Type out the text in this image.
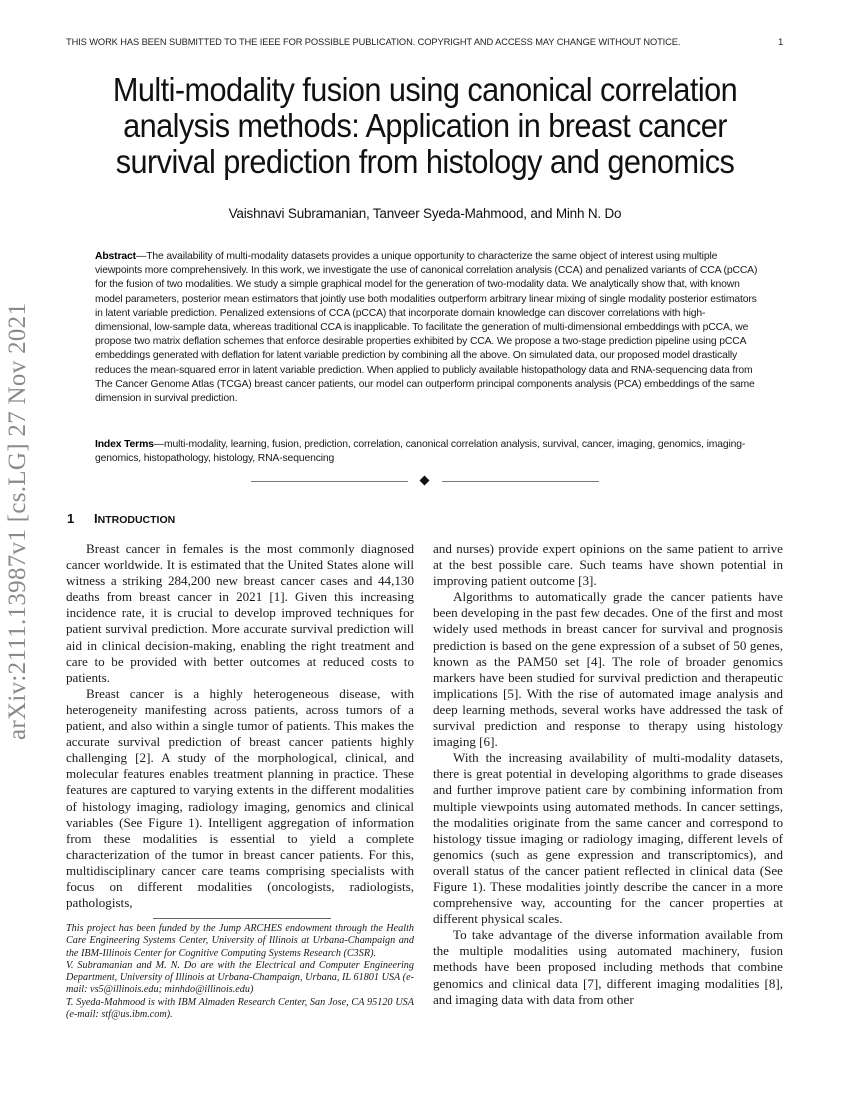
THIS WORK HAS BEEN SUBMITTED TO THE IEEE FOR POSSIBLE PUBLICATION. COPYRIGHT AND ACCESS MAY CHANGE WITHOUT NOTICE.	1
arXiv:2111.13987v1 [cs.LG] 27 Nov 2021
Multi-modality fusion using canonical correlation
analysis methods: Application in breast cancer
survival prediction from histology and genomics
Vaishnavi Subramanian, Tanveer Syeda-Mahmood, and Minh N. Do
Abstract—The availability of multi-modality datasets provides a unique opportunity to characterize the same object of interest using multiple viewpoints more comprehensively. In this work, we investigate the use of canonical correlation analysis (CCA) and penalized variants of CCA (pCCA) for the fusion of two modalities. We study a simple graphical model for the generation of two-modality data. We analytically show that, with known model parameters, posterior mean estimators that jointly use both modalities outperform arbitrary linear mixing of single modality posterior estimators in latent variable prediction. Penalized extensions of CCA (pCCA) that incorporate domain knowledge can discover correlations with high-dimensional, low-sample data, whereas traditional CCA is inapplicable. To facilitate the generation of multi-dimensional embeddings with pCCA, we propose two matrix deflation schemes that enforce desirable properties exhibited by CCA. We propose a two-stage prediction pipeline using pCCA embeddings generated with deflation for latent variable prediction by combining all the above. On simulated data, our proposed model drastically reduces the mean-squared error in latent variable prediction. When applied to publicly available histopathology data and RNA-sequencing data from The Cancer Genome Atlas (TCGA) breast cancer patients, our model can outperform principal components analysis (PCA) embeddings of the same dimension in survival prediction.
Index Terms—multi-modality, learning, fusion, prediction, correlation, canonical correlation analysis, survival, cancer, imaging, genomics, imaging-genomics, histopathology, histology, RNA-sequencing
1 INTRODUCTION

Breast cancer in females is the most commonly diagnosed cancer worldwide. It is estimated that the United States alone will witness a striking 284,200 new breast cancer cases and 44,130 deaths from breast cancer in 2021 [1]. Given this increasing incidence rate, it is crucial to develop improved techniques for patient survival prediction. More accurate survival prediction will aid in clinical decision-making, enabling the right treatment and care to be provided with better outcomes at reduced costs to patients.

Breast cancer is a highly heterogeneous disease, with heterogeneity manifesting across patients, across tumors of a patient, and also within a single tumor of patients. This makes the accurate survival prediction of breast cancer patients highly challenging [2]. A study of the morphological, clinical, and molecular features enables treatment planning in practice. These features are captured to varying extents in the different modalities of histology imaging, radiology imaging, genomics and clinical variables (See Figure 1). Intelligent aggregation of information from these modalities is essential to yield a complete characterization of the tumor in breast cancer patients. For this, multidisciplinary cancer care teams comprising specialists with focus on different modalities (oncologists, radiologists, pathologists,

and nurses) provide expert opinions on the same patient to arrive at the best possible care. Such teams have shown potential in improving patient outcome [3].

Algorithms to automatically grade the cancer patients have been developing in the past few decades. One of the first and most widely used methods in breast cancer for survival and prognosis prediction is based on the gene expression of a subset of 50 genes, known as the PAM50 set [4]. The role of broader genomics markers have been studied for survival prediction and therapeutic implications [5]. With the rise of automated image analysis and deep learning methods, several works have addressed the task of survival prediction and response to therapy using histology imaging [6].

With the increasing availability of multi-modality datasets, there is great potential in developing algorithms to grade diseases and further improve patient care by combining information from multiple viewpoints using automated methods. In cancer settings, the modalities originate from the same cancer and correspond to histology tissue imaging or radiology imaging, different levels of genomics (such as gene expression and transcriptomics), and overall status of the cancer patient reflected in clinical data (See Figure 1). These modalities jointly describe the cancer in a more comprehensive way, accounting for the cancer properties at different physical scales.

To take advantage of the diverse information available from the multiple modalities using automated machinery, fusion methods have been proposed including methods that combine genomics and clinical data [7], different imaging modalities [8], and imaging data with data from other

This project has been funded by the Jump ARCHES endowment through the Health Care Engineering Systems Center, University of Illinois at Urbana-Champaign and the IBM-Illinois Center for Cognitive Computing Systems Research (C3SR).

V. Subramanian and M. N. Do are with the Electrical and Computer Engineering Department, University of Illinois at Urbana-Champaign, Urbana, IL 61801 USA (e-mail: vs5@illinois.edu; minhdo@illinois.edu)

T. Syeda-Mahmood is with IBM Almaden Research Center, San Jose, CA 95120 USA (e-mail: stf@us.ibm.com).
